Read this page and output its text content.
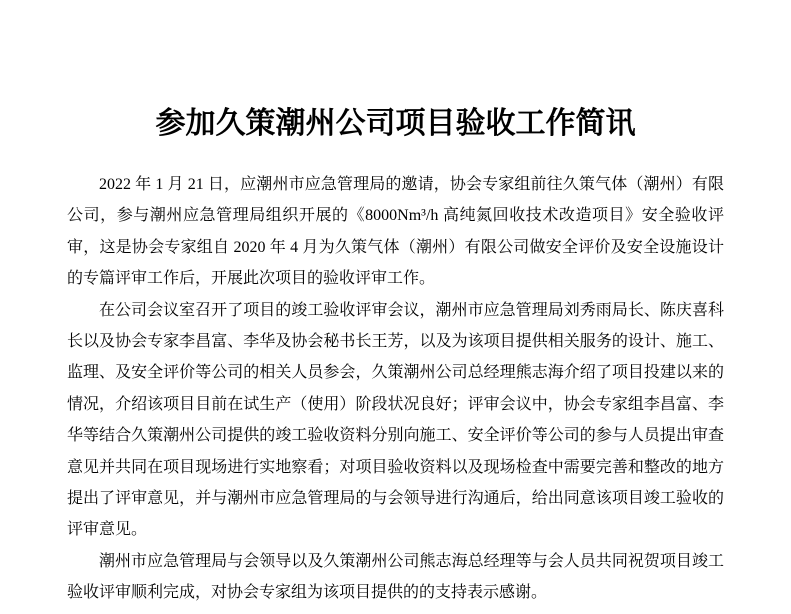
参加久策潮州公司项目验收工作简讯

2022 年 1 月 21 日，应潮州市应急管理局的邀请，协会专家组前往久策气体（潮州）有限公司，参与潮州应急管理局组织开展的《8000Nm³/h 高纯氮回收技术改造项目》安全验收评审，这是协会专家组自 2020 年 4 月为久策气体（潮州）有限公司做安全评价及安全设施设计的专篇评审工作后，开展此次项目的验收评审工作。

在公司会议室召开了项目的竣工验收评审会议，潮州市应急管理局刘秀雨局长、陈庆喜科长以及协会专家李昌富、李华及协会秘书长王芳，以及为该项目提供相关服务的设计、施工、监理、及安全评价等公司的相关人员参会，久策潮州公司总经理熊志海介绍了项目投建以来的情况，介绍该项目目前在试生产（使用）阶段状况良好；评审会议中，协会专家组李昌富、李华等结合久策潮州公司提供的竣工验收资料分别向施工、安全评价等公司的参与人员提出审查意见并共同在项目现场进行实地察看；对项目验收资料以及现场检查中需要完善和整改的地方提出了评审意见，并与潮州市应急管理局的与会领导进行沟通后，给出同意该项目竣工验收的评审意见。

潮州市应急管理局与会领导以及久策潮州公司熊志海总经理等与会人员共同祝贺项目竣工验收评审顺利完成，对协会专家组为该项目提供的的支持表示感谢。
